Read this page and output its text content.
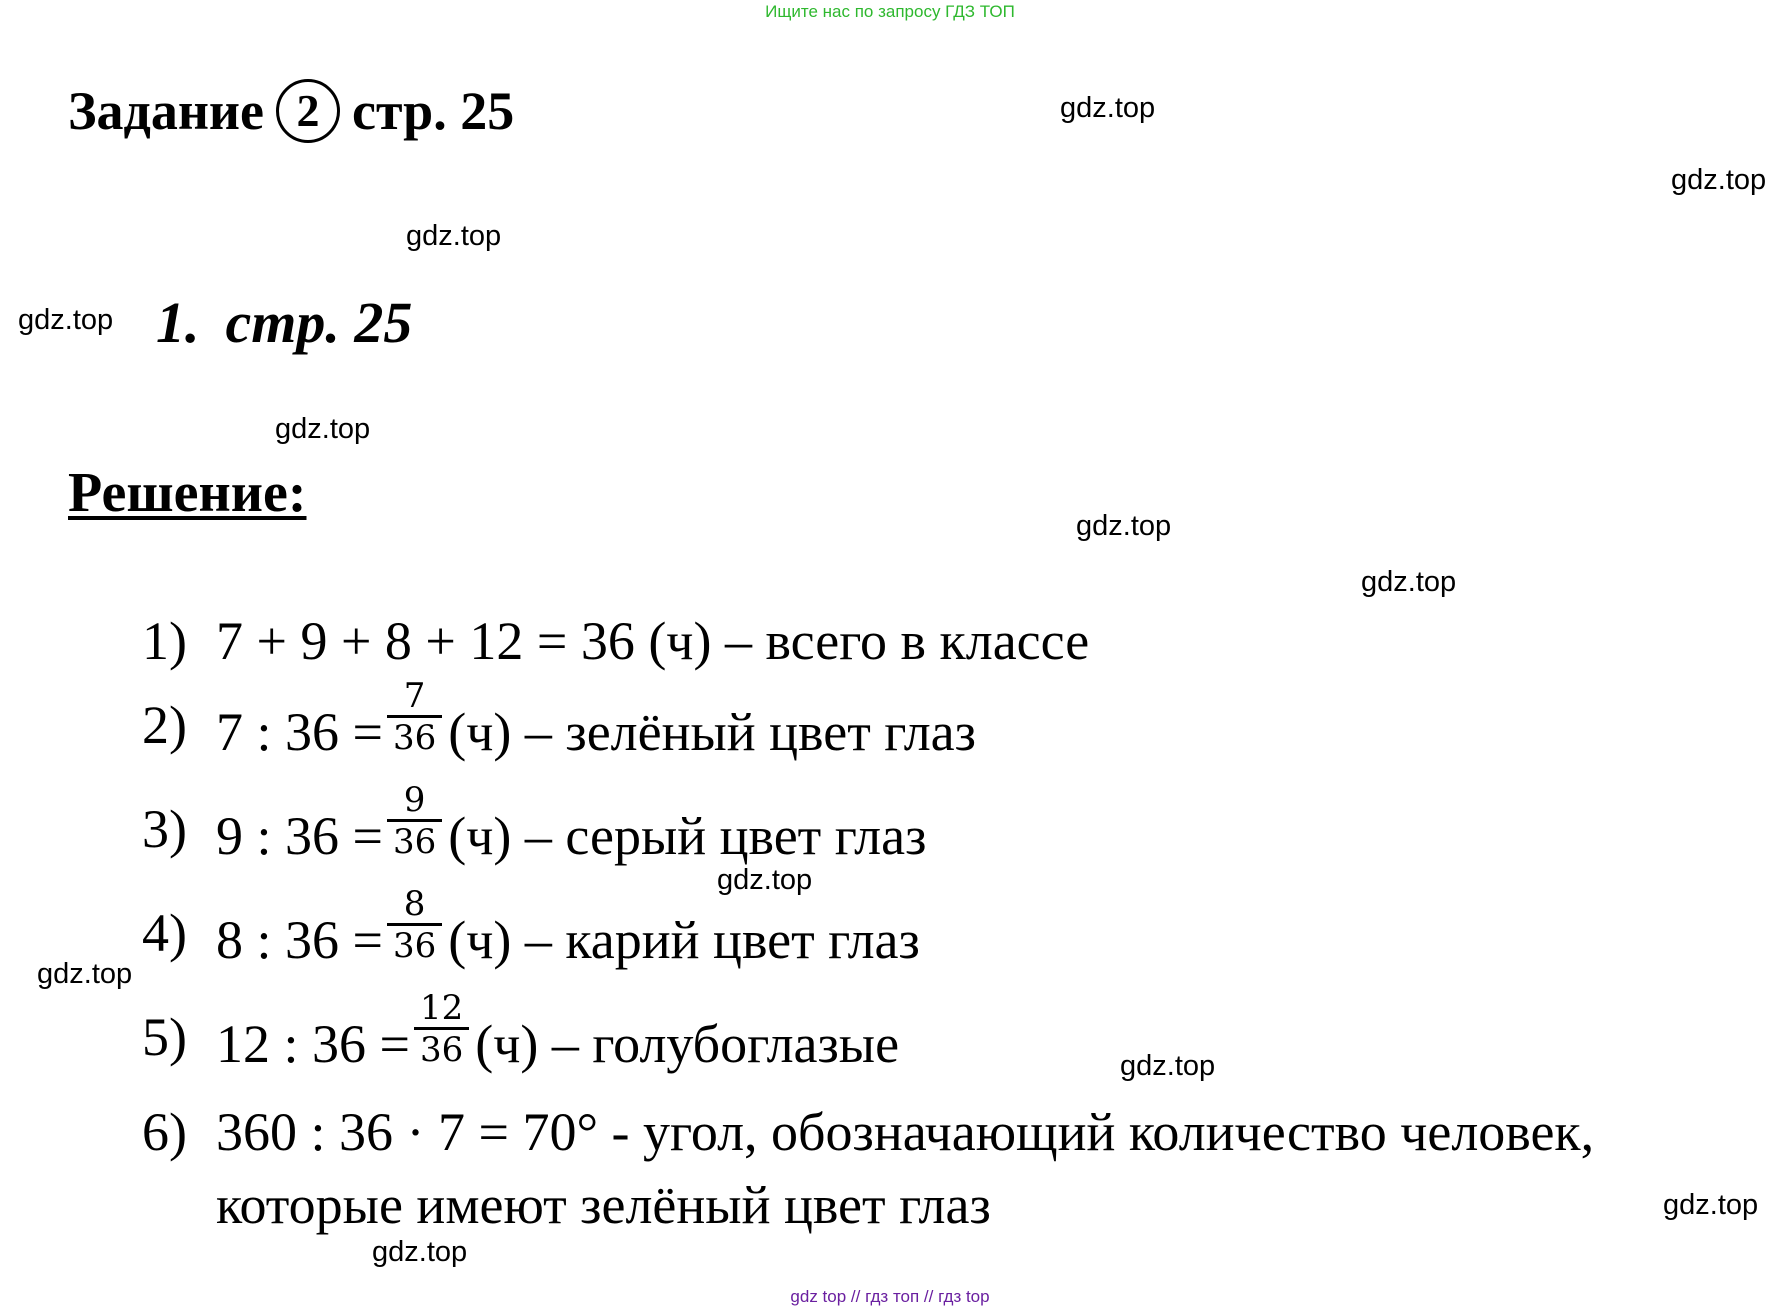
Ищите нас по запросу ГДЗ ТОП
Задание 2 стр. 25
1. стр. 25
Решение:
1) 7 + 9 + 8 + 12 = 36 (ч) – всего в классе
2) 7 : $36 = \frac{7}{36} (ч)$ – зелёный цвет глаз
3) 9 : $36 = \frac{9}{36} (ч)$ – серый цвет глаз
4) 8 : $36 = \frac{8}{36} (ч)$ – карий цвет глаз
5) 12 : $36 = \frac{12}{36} (ч)$ – голубоглазые
6) 360 : 36 · 7 = 70° - угол, обозначающий количество человек,
которые имеют зелёный цвет глаз
gdz.top
gdz.top
gdz.top
gdz.top
gdz.top
gdz.top
gdz.top
gdz.top
gdz.top
gdz.top
gdz.top
gdz.top
gdz top // гдз топ // гдз top
